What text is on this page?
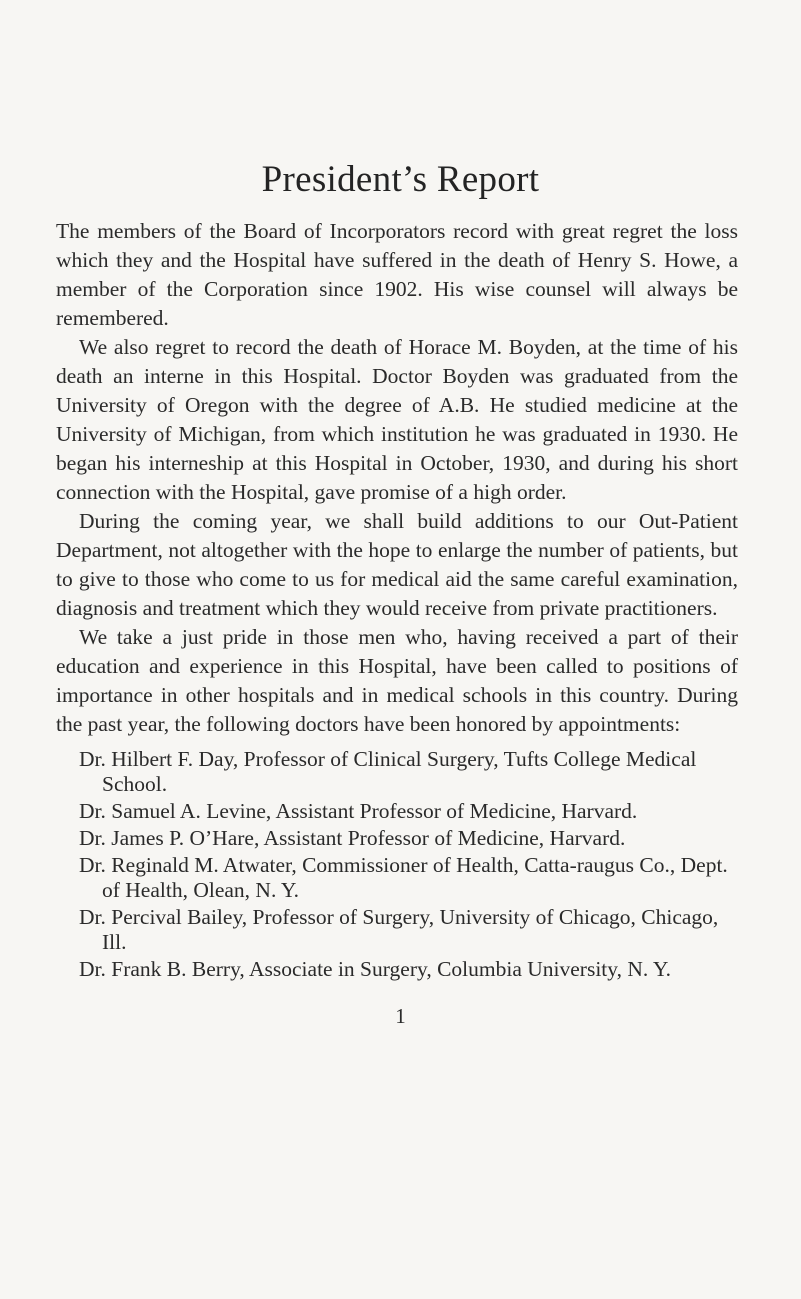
President’s Report

The members of the Board of Incorporators record with great regret the loss which they and the Hospital have suffered in the death of Henry S. Howe, a member of the Corporation since 1902. His wise counsel will always be remembered.

We also regret to record the death of Horace M. Boyden, at the time of his death an interne in this Hospital. Doctor Boyden was graduated from the University of Oregon with the degree of A.B. He studied medicine at the University of Michigan, from which institution he was graduated in 1930. He began his interneship at this Hospital in October, 1930, and during his short connection with the Hospital, gave promise of a high order.

During the coming year, we shall build additions to our Out-Patient Department, not altogether with the hope to enlarge the number of patients, but to give to those who come to us for medical aid the same careful examination, diagnosis and treatment which they would receive from private practitioners.

We take a just pride in those men who, having received a part of their education and experience in this Hospital, have been called to positions of importance in other hospitals and in medical schools in this country. During the past year, the following doctors have been honored by appointments:

Dr. Hilbert F. Day, Professor of Clinical Surgery, Tufts College Medical School.
Dr. Samuel A. Levine, Assistant Professor of Medicine, Harvard.
Dr. James P. O’Hare, Assistant Professor of Medicine, Harvard.
Dr. Reginald M. Atwater, Commissioner of Health, Catta-raugus Co., Dept. of Health, Olean, N. Y.
Dr. Percival Bailey, Professor of Surgery, University of Chicago, Chicago, Ill.
Dr. Frank B. Berry, Associate in Surgery, Columbia University, N. Y.
1
